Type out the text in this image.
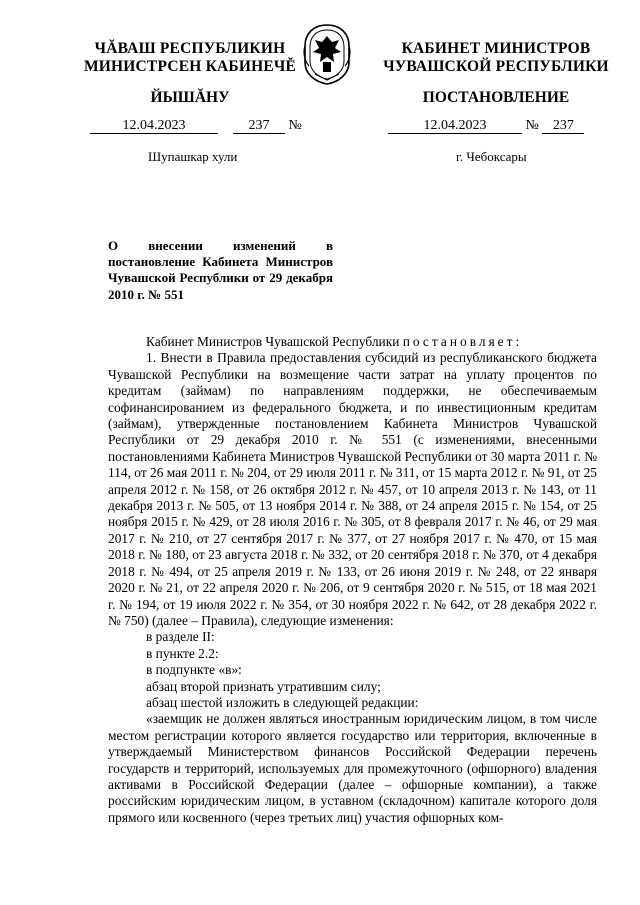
ЧĂВАШ РЕСПУБЛИКИН
МИНИСТРСЕН КАБИНЕЧĚ
ЙЫШĂНУ
КАБИНЕТ МИНИСТРОВ
ЧУВАШСКОЙ РЕСПУБЛИКИ
ПОСТАНОВЛЕНИЕ
12.04.2023	237 №	12.04.2023	№ 237
Шупашкар хули	г. Чебоксары
О внесении изменений в постановление Кабинета Министров Чувашской Республики от 29 декабря 2010 г. № 551

Кабинет Министров Чувашской Республики постановляет:

1. Внести в Правила предоставления субсидий из республиканского бюджета Чувашской Республики на возмещение части затрат на уплату процентов по кредитам (займам) по направлениям поддержки, не обеспечиваемым софинансированием из федерального бюджета, и по инвестиционным кредитам (займам), утвержденные постановлением Кабинета Министров Чувашской Республики от 29 декабря 2010 г. № 551 (с изменениями, внесенными постановлениями Кабинета Министров Чувашской Республики от 30 марта 2011 г. № 114, от 26 мая 2011 г. № 204, от 29 июля 2011 г. № 311, от 15 марта 2012 г. № 91, от 25 апреля 2012 г. № 158, от 26 октября 2012 г. № 457, от 10 апреля 2013 г. № 143, от 11 декабря 2013 г. № 505, от 13 ноября 2014 г. № 388, от 24 апреля 2015 г. № 154, от 25 ноября 2015 г. № 429, от 28 июля 2016 г. № 305, от 8 февраля 2017 г. № 46, от 29 мая 2017 г. № 210, от 27 сентября 2017 г. № 377, от 27 ноября 2017 г. № 470, от 15 мая 2018 г. № 180, от 23 августа 2018 г. № 332, от 20 сентября 2018 г. № 370, от 4 декабря 2018 г. № 494, от 25 апреля 2019 г. № 133, от 26 июня 2019 г. № 248, от 22 января 2020 г. № 21, от 22 апреля 2020 г. № 206, от 9 сентября 2020 г. № 515, от 18 мая 2021 г. № 194, от 19 июля 2022 г. № 354, от 30 ноября 2022 г. № 642, от 28 декабря 2022 г. № 750) (далее – Правила), следующие изменения:

в разделе II:

в пункте 2.2:

в подпункте «в»:

абзац второй признать утратившим силу;

абзац шестой изложить в следующей редакции:

«заемщик не должен являться иностранным юридическим лицом, в том числе местом регистрации которого является государство или территория, включенные в утверждаемый Министерством финансов Российской Федерации перечень государств и территорий, используемых для промежуточного (офшорного) владения активами в Российской Федерации (далее – офшорные компании), а также российским юридическим лицом, в уставном (складочном) капитале которого доля прямого или косвенного (через третьих лиц) участия офшорных ком-
